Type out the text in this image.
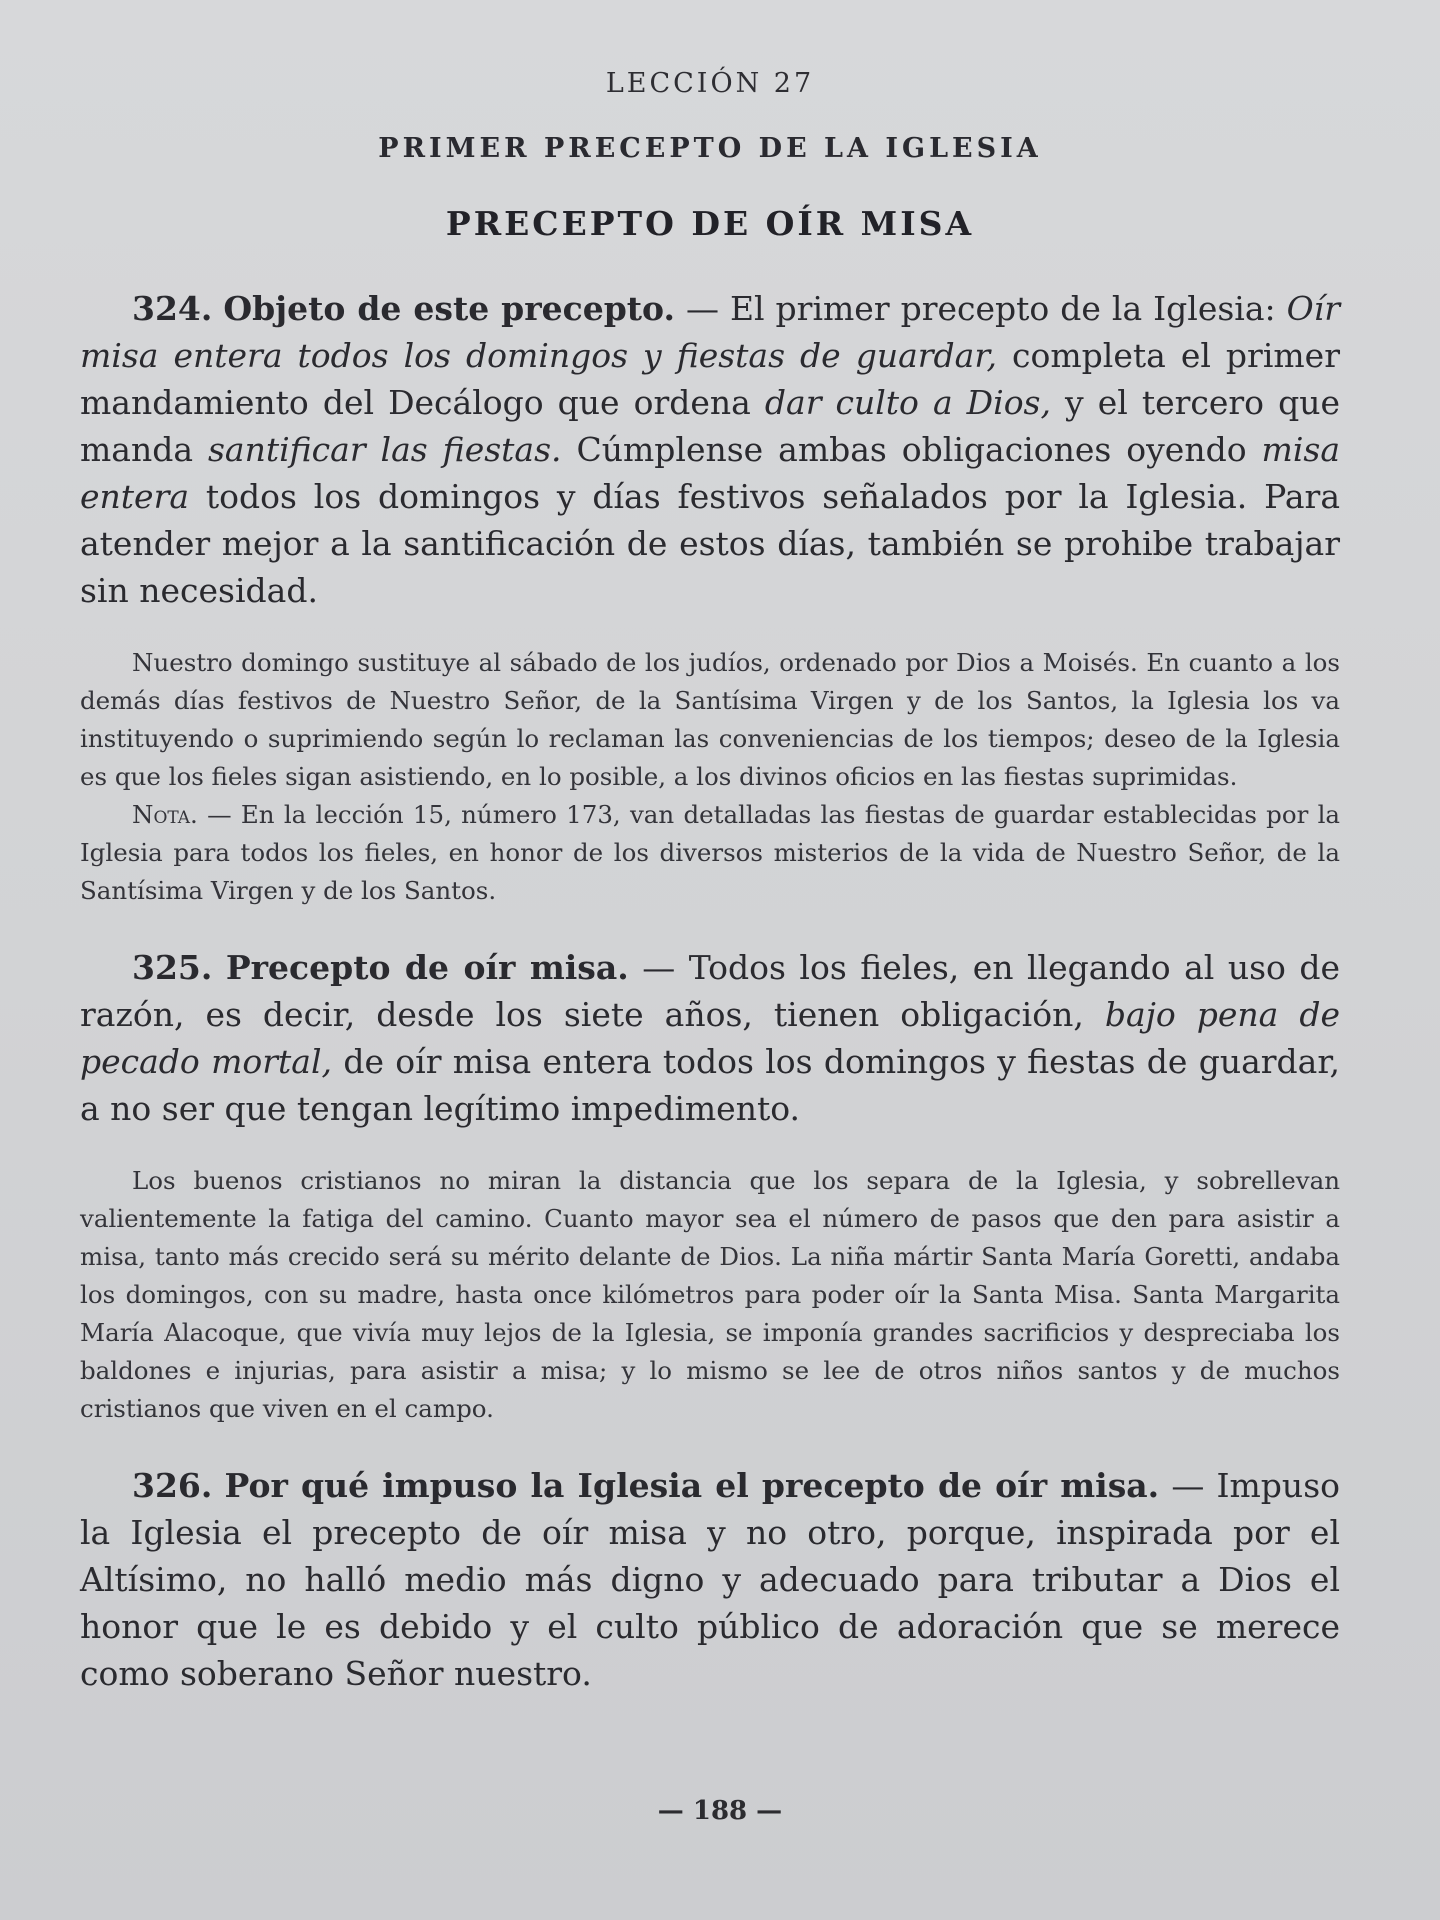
LECCIÓN 27
PRIMER PRECEPTO DE LA IGLESIA
PRECEPTO DE OÍR MISA

324. Objeto de este precepto. — El primer precepto de la Iglesia: Oír misa entera todos los domingos y fiestas de guardar, completa el primer mandamiento del Decálogo que ordena dar culto a Dios, y el tercero que manda santificar las fiestas. Cúmplense ambas obligaciones oyendo misa entera todos los domingos y días festivos señalados por la Iglesia. Para atender mejor a la santificación de estos días, también se prohibe trabajar sin necesidad.

Nuestro domingo sustituye al sábado de los judíos, ordenado por Dios a Moisés. En cuanto a los demás días festivos de Nuestro Señor, de la Santísima Virgen y de los Santos, la Iglesia los va instituyendo o suprimiendo según lo reclaman las conveniencias de los tiempos; deseo de la Iglesia es que los fieles sigan asistiendo, en lo posible, a los divinos oficios en las fiestas suprimidas.

Nota. — En la lección 15, número 173, van detalladas las fiestas de guardar establecidas por la Iglesia para todos los fieles, en honor de los diversos misterios de la vida de Nuestro Señor, de la Santísima Virgen y de los Santos.

325. Precepto de oír misa. — Todos los fieles, en llegando al uso de razón, es decir, desde los siete años, tienen obligación, bajo pena de pecado mortal, de oír misa entera todos los domingos y fiestas de guardar, a no ser que tengan legítimo impedimento.

Los buenos cristianos no miran la distancia que los separa de la Iglesia, y sobrellevan valientemente la fatiga del camino. Cuanto mayor sea el número de pasos que den para asistir a misa, tanto más crecido será su mérito delante de Dios. La niña mártir Santa María Goretti, andaba los domingos, con su madre, hasta once kilómetros para poder oír la Santa Misa. Santa Margarita María Alacoque, que vivía muy lejos de la Iglesia, se imponía grandes sacrificios y despreciaba los baldones e injurias, para asistir a misa; y lo mismo se lee de otros niños santos y de muchos cristianos que viven en el campo.

326. Por qué impuso la Iglesia el precepto de oír misa. — Impuso la Iglesia el precepto de oír misa y no otro, porque, inspirada por el Altísimo, no halló medio más digno y adecuado para tributar a Dios el honor que le es debido y el culto público de adoración que se merece como soberano Señor nuestro.

— 188 —
